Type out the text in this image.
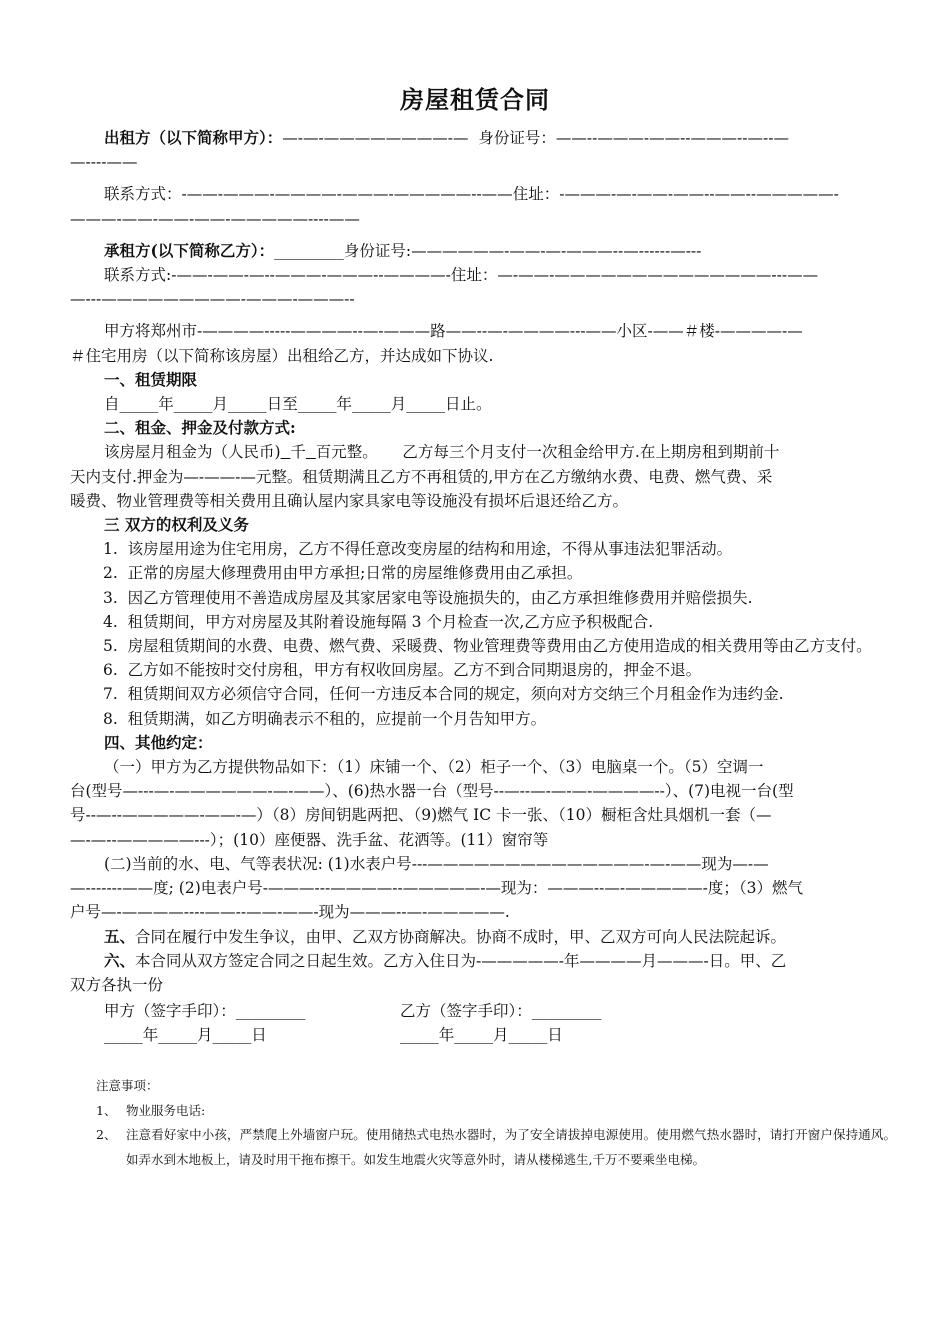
房屋租赁合同

出租方（以下简称甲方）：—-—-————————-— 身份证号：——--———-——--———--—--—

—----——

联系方式：-——-———-————-———-—————--——住址：-———-—-——-——--——--—————-

———-——-——-——-—————----——

承租方(以下简称乙方）：_________身份证号:——————-——-—-———--—------—---

联系方式:-——-——-—--———-———--————-住址：—-——-——————————————---——

—---—————————-———-———--

甲方将郑州市-————-----————--—-———路——--—-————---——小区-——＃楼-————-—

＃住宅用房（以下简称该房屋）出租给乙方，并达成如下协议.

一、租赁期限

自_____年_____月_____日至_____年_____月_____日止。

二、租金、押金及付款方式:

该房屋月租金为（人民币) 千 百元整。     乙方每三个月支付一次租金给甲方.在上期房租到期前十

天内支付.押金为—-——-—元整。租赁期满且乙方不再租赁的,甲方在乙方缴纳水费、电费、燃气费、采

暖费、物业管理费等相关费用且确认屋内家具家电等设施没有损坏后退还给乙方。

三 双方的权利及义务

1. 该房屋用途为住宅用房，乙方不得任意改变房屋的结构和用途，不得从事违法犯罪活动。

2. 正常的房屋大修理费用由甲方承担;日常的房屋维修费用由乙承担。

3. 因乙方管理使用不善造成房屋及其家居家电等设施损失的，由乙方承担维修费用并赔偿损失.

4. 租赁期间，甲方对房屋及其附着设施每隔 3 个月检查一次,乙方应予积极配合.

5. 房屋租赁期间的水费、电费、燃气费、采暖费、物业管理费等费用由乙方使用造成的相关费用等由乙方支付。

6. 乙方如不能按时交付房租，甲方有权收回房屋。乙方不到合同期退房的，押金不退。

7. 租赁期间双方必须信守合同，任何一方违反本合同的规定，须向对方交纳三个月租金作为违约金.

8. 租赁期满，如乙方明确表示不租的，应提前一个月告知甲方。

四、其他约定：

（一）甲方为乙方提供物品如下：（1）床铺一个、（2）柜子一个、（3）电脑桌一个。（5）空调一

台(型号—---—-——————-—-——）、(6)热水器一台（型号--—--—-—-—-————--）、(7)电视一台(型

号--—--—————-——-—）（8）房间钥匙两把、（9)燃气 IC 卡一张、（10）橱柜含灶具烟机一套（—

—-—--—————---）；(10）座便器、洗手盆、花洒等。(11）窗帘等

(二)当前的水、电、气等表状况: (1)水表户号---——————————————-—-——现为—-—

—-------——度; (2)电表户号-———---————--—————-—现为：———--—-—————-度；（3）燃气

户号—-————----——--——-——-现为———--—-—————.

五、合同在履行中发生争议，由甲、乙双方协商解决。协商不成时，甲、乙双方可向人民法院起诉。

六、本合同从双方签定合同之日起生效。乙方入住日为-—————-年————月———-日。甲、乙

双方各执一份

甲方（签字手印）：_________	乙方（签字手印）：_________
_____年_____月_____日	_____年_____月_____日

注意事项：

1、 物业服务电话:

2、 注意看好家中小孩，严禁爬上外墙窗户玩。使用储热式电热水器时，为了安全请拔掉电源使用。使用燃气热水器时，请打开窗户保持通风。如弄水到木地板上，请及时用干拖布擦干。如发生地震火灾等意外时，请从楼梯逃生,千万不要乘坐电梯。
